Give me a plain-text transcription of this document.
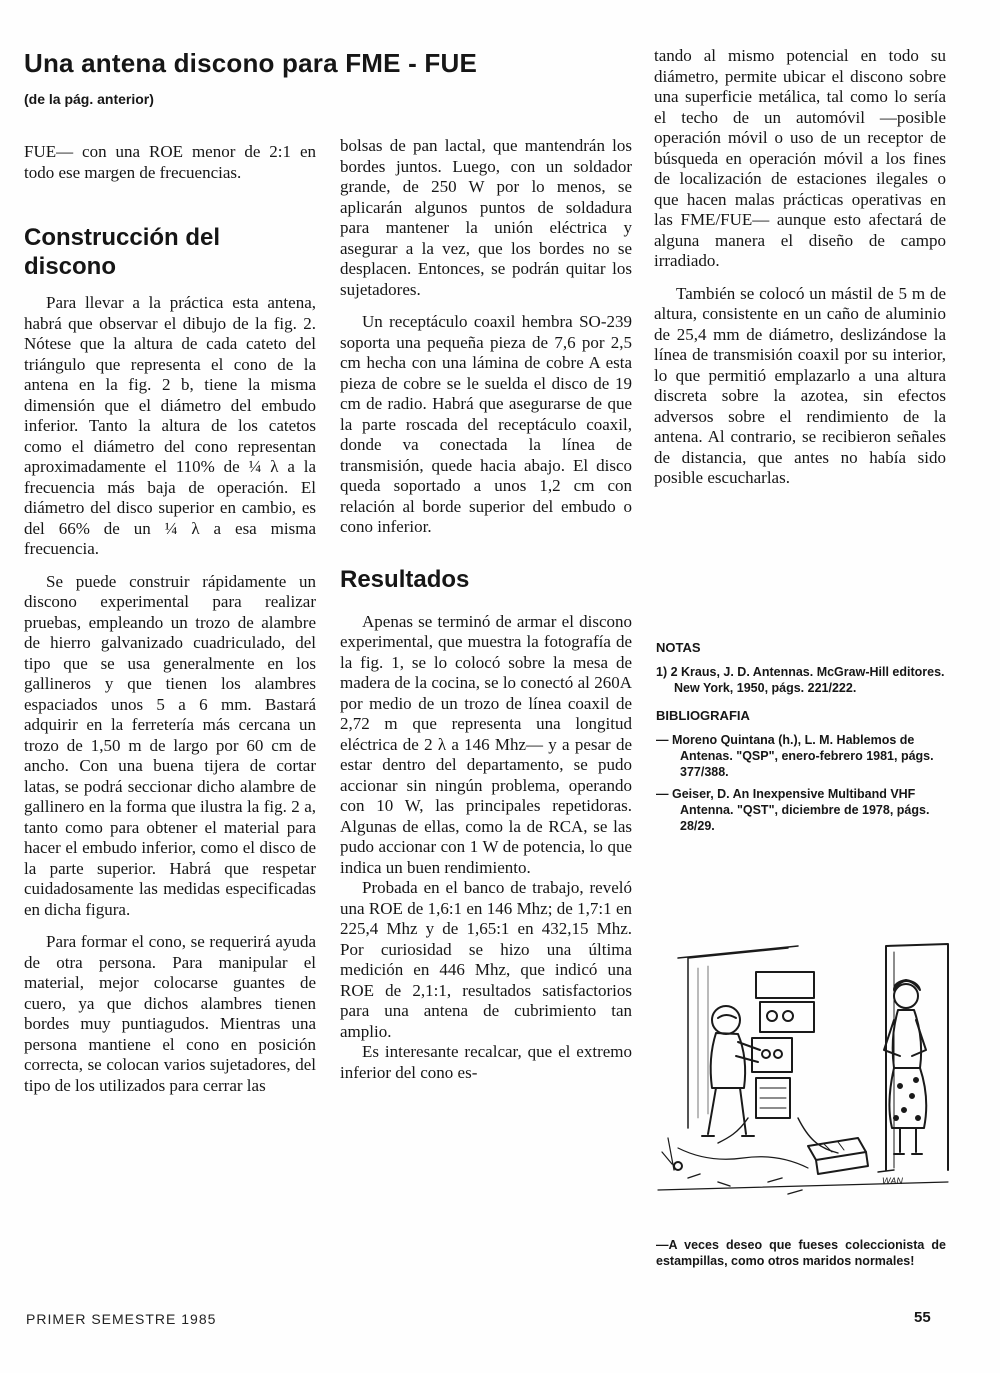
Una antena discono para FME - FUE
(de la pág. anterior)

FUE— con una ROE menor de 2:1 en todo ese margen de frecuencias.

Construcción del discono

Para llevar a la práctica esta antena, habrá que observar el dibujo de la fig. 2. Nótese que la altura de cada cateto del triángulo que representa el cono de la antena en la fig. 2 b, tiene la misma dimensión que el diámetro del embudo inferior. Tanto la altura de los catetos como el diámetro del cono representan aproximadamente el 110% de ¼ λ a la frecuencia más baja de operación. El diámetro del disco superior en cambio, es del 66% de un ¼ λ a esa misma frecuencia.

Se puede construir rápidamente un discono experimental para realizar pruebas, empleando un trozo de alambre de hierro galvanizado cuadriculado, del tipo que se usa generalmente en los gallineros y que tienen los alambres espaciados unos 5 a 6 mm. Bastará adquirir en la ferretería más cercana un trozo de 1,50 m de largo por 60 cm de ancho. Con una buena tijera de cortar latas, se podrá seccionar dicho alambre de gallinero en la forma que ilustra la fig. 2 a, tanto como para obtener el material para hacer el embudo inferior, como el disco de la parte superior. Habrá que respetar cuidadosamente las medidas especificadas en dicha figura.

Para formar el cono, se requerirá ayuda de otra persona. Para manipular el material, mejor colocarse guantes de cuero, ya que dichos alambres tienen bordes muy puntiagudos. Mientras una persona mantiene el cono en posición correcta, se colocan varios sujetadores, del tipo de los utilizados para cerrar las

bolsas de pan lactal, que mantendrán los bordes juntos. Luego, con un soldador grande, de 250 W por lo menos, se aplicarán algunos puntos de soldadura para mantener la unión eléctrica y asegurar a la vez, que los bordes no se desplacen. Entonces, se podrán quitar los sujetadores.

Un receptáculo coaxil hembra SO-239 soporta una pequeña pieza de 7,6 por 2,5 cm hecha con una lámina de cobre A esta pieza de cobre se le suelda el disco de 19 cm de radio. Habrá que asegurarse de que la parte roscada del receptáculo coaxil, donde va conectada la línea de transmisión, quede hacia abajo. El disco queda soportado a unos 1,2 cm con relación al borde superior del embudo o cono inferior.

Resultados

Apenas se terminó de armar el discono experimental, que muestra la fotografía de la fig. 1, se lo colocó sobre la mesa de madera de la cocina, se lo conectó al 260A por medio de un trozo de línea coaxil de 2,72 m que representa una longitud eléctrica de 2 λ a 146 Mhz— y a pesar de estar dentro del departamento, se pudo accionar sin ningún problema, operando con 10 W, las principales repetidoras. Algunas de ellas, como la de RCA, se las pudo accionar con 1 W de potencia, lo que indica un buen rendimiento.

Probada en el banco de trabajo, reveló una ROE de 1,6:1 en 146 Mhz; de 1,7:1 en 225,4 Mhz y de 1,65:1 en 432,15 Mhz. Por curiosidad se hizo una última medición en 446 Mhz, que indicó una ROE de 2,1:1, resultados satisfactorios para una antena de cubrimiento tan amplio.

Es interesante recalcar, que el extremo inferior del cono es-

tando al mismo potencial en todo su diámetro, permite ubicar el discono sobre una superficie metálica, tal como lo sería el techo de un automóvil —posible operación móvil o uso de un receptor de búsqueda en operación móvil a los fines de localización de estaciones ilegales o que hacen malas prácticas operativas en las FME/FUE— aunque esto afectará de alguna manera el diseño de campo irradiado.

También se colocó un mástil de 5 m de altura, consistente en un caño de aluminio de 25,4 mm de diámetro, deslizándose la línea de transmisión coaxil por su interior, lo que permitió emplazarlo a una altura discreta sobre la azotea, sin efectos adversos sobre el rendimiento de la antena. Al contrario, se recibieron señales de distancia, que antes no había sido posible escucharlas.

NOTAS
1) 2 Kraus, J. D. Antennas. McGraw-Hill editores. New York, 1950, págs. 221/222.
BIBLIOGRAFIA
— Moreno Quintana (h.), L. M. Hablemos de Antenas. "QSP", enero-febrero 1981, págs. 377/388.
— Geiser, D. An Inexpensive Multiband VHF Antenna. "QST", diciembre de 1978, págs. 28/29.
WAN
—A veces deseo que fueses coleccionista de estampillas, como otros maridos normales!
PRIMER SEMESTRE 1985	55
